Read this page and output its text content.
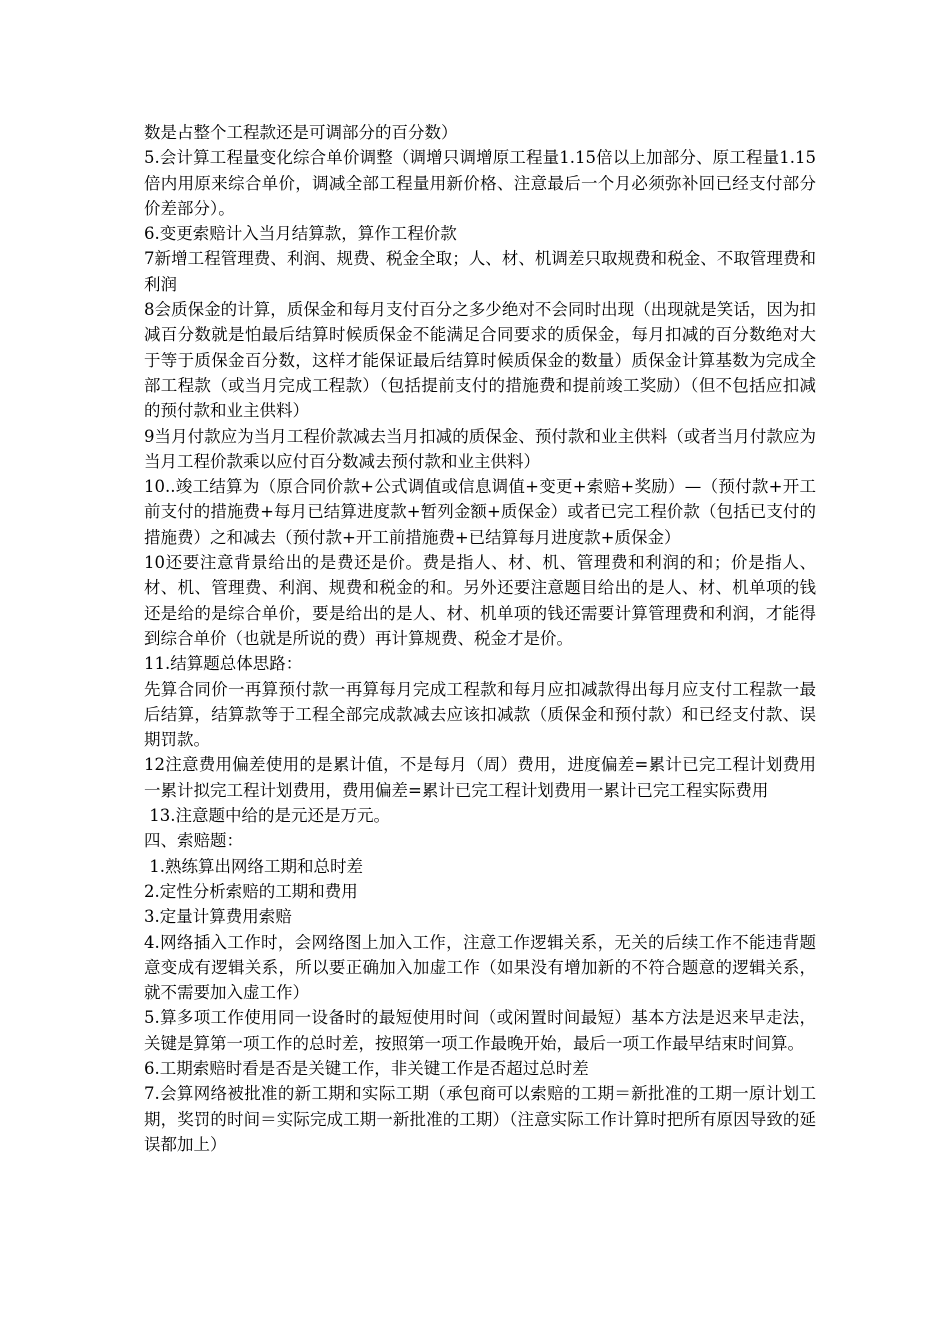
数是占整个工程款还是可调部分的百分数）

5.会计算工程量变化综合单价调整（调增只调增原工程量1.15倍以上加部分、原工程量1.15倍内用原来综合单价，调减全部工程量用新价格、注意最后一个月必须弥补回已经支付部分价差部分）。

6.变更索赔计入当月结算款，算作工程价款

7新增工程管理费、利润、规费、税金全取；人、材、机调差只取规费和税金、不取管理费和利润

8会质保金的计算，质保金和每月支付百分之多少绝对不会同时出现（出现就是笑话，因为扣减百分数就是怕最后结算时候质保金不能满足合同要求的质保金，每月扣减的百分数绝对大于等于质保金百分数，这样才能保证最后结算时候质保金的数量）质保金计算基数为完成全部工程款（或当月完成工程款）（包括提前支付的措施费和提前竣工奖励）（但不包括应扣减的预付款和业主供料）

9当月付款应为当月工程价款减去当月扣减的质保金、预付款和业主供料（或者当月付款应为当月工程价款乘以应付百分数减去预付款和业主供料）

10..竣工结算为（原合同价款+公式调值或信息调值+变更+索赔+奖励）—（预付款+开工前支付的措施费+每月已结算进度款+暂列金额+质保金）或者已完工程价款（包括已支付的措施费）之和减去（预付款+开工前措施费+已结算每月进度款+质保金）

10还要注意背景给出的是费还是价。费是指人、材、机、管理费和利润的和；价是指人、材、机、管理费、利润、规费和税金的和。另外还要注意题目给出的是人、材、机单项的钱还是给的是综合单价，要是给出的是人、材、机单项的钱还需要计算管理费和利润，才能得到综合单价（也就是所说的费）再计算规费、税金才是价。

11.结算题总体思路：

先算合同价一再算预付款一再算每月完成工程款和每月应扣减款得出每月应支付工程款一最后结算，结算款等于工程全部完成款减去应该扣减款（质保金和预付款）和已经支付款、误期罚款。

12注意费用偏差使用的是累计值，不是每月（周）费用，进度偏差=累计已完工程计划费用一累计拟完工程计划费用，费用偏差=累计已完工程计划费用一累计已完工程实际费用

13.注意题中给的是元还是万元。

四、索赔题：

1.熟练算出网络工期和总时差

2.定性分析索赔的工期和费用

3.定量计算费用索赔

4.网络插入工作时，会网络图上加入工作，注意工作逻辑关系，无关的后续工作不能违背题意变成有逻辑关系，所以要正确加入加虚工作（如果没有增加新的不符合题意的逻辑关系，就不需要加入虚工作）

5.算多项工作使用同一设备时的最短使用时间（或闲置时间最短）基本方法是迟来早走法，关键是算第一项工作的总时差，按照第一项工作最晚开始，最后一项工作最早结束时间算。

6.工期索赔时看是否是关键工作，非关键工作是否超过总时差

7.会算网络被批准的新工期和实际工期（承包商可以索赔的工期＝新批准的工期一原计划工期，奖罚的时间＝实际完成工期一新批准的工期）（注意实际工作计算时把所有原因导致的延误都加上）
